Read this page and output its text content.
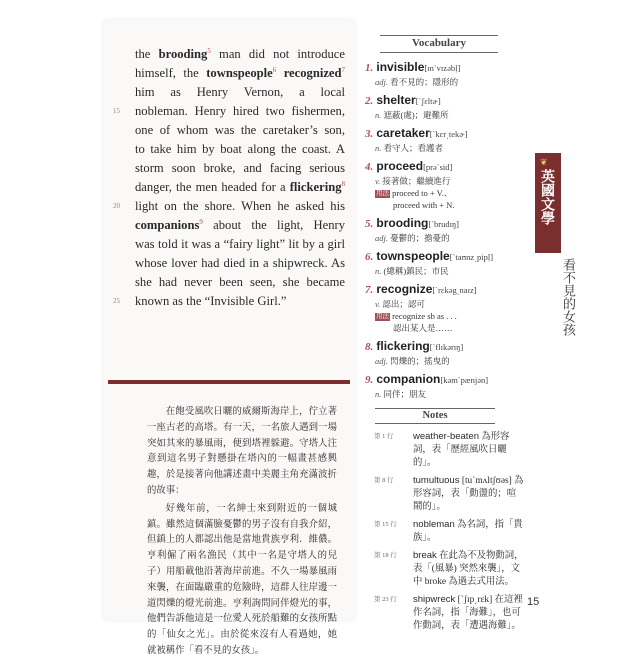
the brooding$^5$ man did not introduce
himself, the townspeople$^6$ recognized$^7$
him as Henry Vernon, a local
15 nobleman. Henry hired two fishermen,
one of whom was the caretaker’s son,
to take him by boat along the coast. A
storm soon broke, and facing serious
danger, the men headed for a flickering$^8$
20 light on the shore. When he asked his
companions$^9$ about the light, Henry
was told it was a “fairy light” lit by a girl
whose lover had died in a shipwreck. As
she had never been seen, she became
25 known as the “Invisible Girl.”

在飽受風吹日曬的威爾斯海岸上，佇立著一座古老的高塔。有一天，一名旅人遇到一場突如其來的暴風雨，便到塔裡躲避。守塔人注意到這名男子對懸掛在塔內的一幅畫甚感興趣，於是接著向他講述畫中美麗主角充滿波折的故事：

好幾年前，一名紳士來到附近的一個城鎮。雖然這個滿臉憂鬱的男子沒有自我介紹，但鎮上的人都認出他是當地貴族亨利．維儂。亨利僱了兩名漁民（其中一名是守塔人的兒子）用船載他沿著海岸前進。不久一場暴風雨來襲，在面臨嚴重的危險時，這群人往岸邊一道閃爍的燈光前進。亨利詢問同伴燈光的事，他們告訴他這是一位愛人死於船難的女孩所點的「仙女之光」。由於從來沒有人看過她，她就被稱作「看不見的女孩」。

Vocabulary
1. invisible[ɪnˋvɪzəbḷ]
adj. 看不見的；隱形的
2. shelter[ˋʃɛltɚ]
n. 遮蔽(處)；避難所
3. caretaker[ˋkɛr͵tekɚ]
n. 看守人；看護者
4. proceed[prəˋsid]
v. 接著做；繼續進行
用法 proceed to + V.、
proceed with + N.
5. brooding[ˋbrudɪŋ]
adj. 憂鬱的；擔憂的
6. townspeople[ˋtaʊnz͵pipḷ]
n. (總稱)鎮民；市民
7. recognize[ˋrɛkəg͵naɪz]
v. 認出；認可
用法 recognize sb as . . .
認出某人是……
8. flickering[ˋflɪkərɪŋ]
adj. 閃爍的；搖曳的
9. companion[kəmˋpænjən]
n. 同伴；朋友
Notes
第 1 行 weather-beaten 為形容詞，表「歷經風吹日曬的」。
第 8 行 tumultuous [tuˋmʌltʃʊəs] 為形容詞，表「動盪的；喧鬧的」。
第 15 行 nobleman 為名詞，指「貴族」。
第 18 行 break 在此為不及物動詞，表「(風暴) 突然來襲」，文中 broke 為過去式用法。
第 23 行 shipwreck [ˋʃɪp͵rɛk] 在這裡作名詞，指「海難」，也可作動詞，表「遭遇海難」。
❦
英國文學
看不見的女孩
15
